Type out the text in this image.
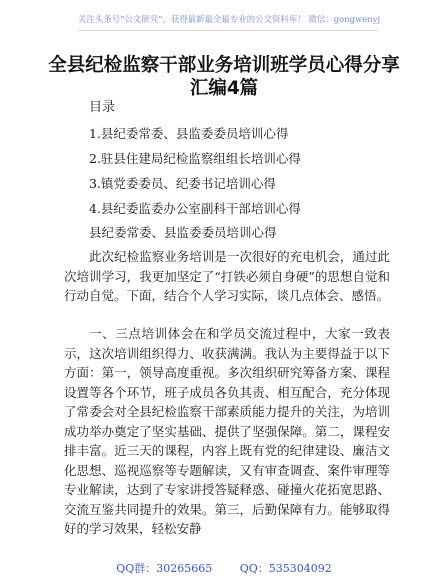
关注头条号“公文研究”，获得最新最全最专业的公文资料库！ 微信：gongwenyj
全县纪检监察干部业务培训班学员心得分享汇编4篇
目录
1.县纪委常委、县监委委员培训心得
2.驻县住建局纪检监察组组长培训心得
3.镇党委委员、纪委书记培训心得
4.县纪委监委办公室副科干部培训心得
县纪委常委、县监委委员培训心得
此次纪检监察业务培训是一次很好的充电机会，通过此次培训学习，我更加坚定了“打铁必须自身硬”的思想自觉和行动自觉。下面，结合个人学习实际，谈几点体会、感悟。
一、三点培训体会在和学员交流过程中，大家一致表示，这次培训组织得力、收获满满。我认为主要得益于以下方面：第一，领导高度重视。多次组织研究筹备方案、课程设置等各个环节，班子成员各负其责、相互配合，充分体现了常委会对全县纪检监察干部素质能力提升的关注，为培训成功举办奠定了坚实基础、提供了坚强保障。第二，课程安排丰富。近三天的课程，内容上既有党的纪律建设、廉洁文化思想、巡视巡察等专题解读，又有审查调查、案件审理等专业解读，达到了专家讲授答疑释惑、碰撞火花拓宽思路、交流互鉴共同提升的效果。第三，后勤保障有力。能够取得好的学习效果，轻松安静
QQ群：30265665	QQ：535304092
